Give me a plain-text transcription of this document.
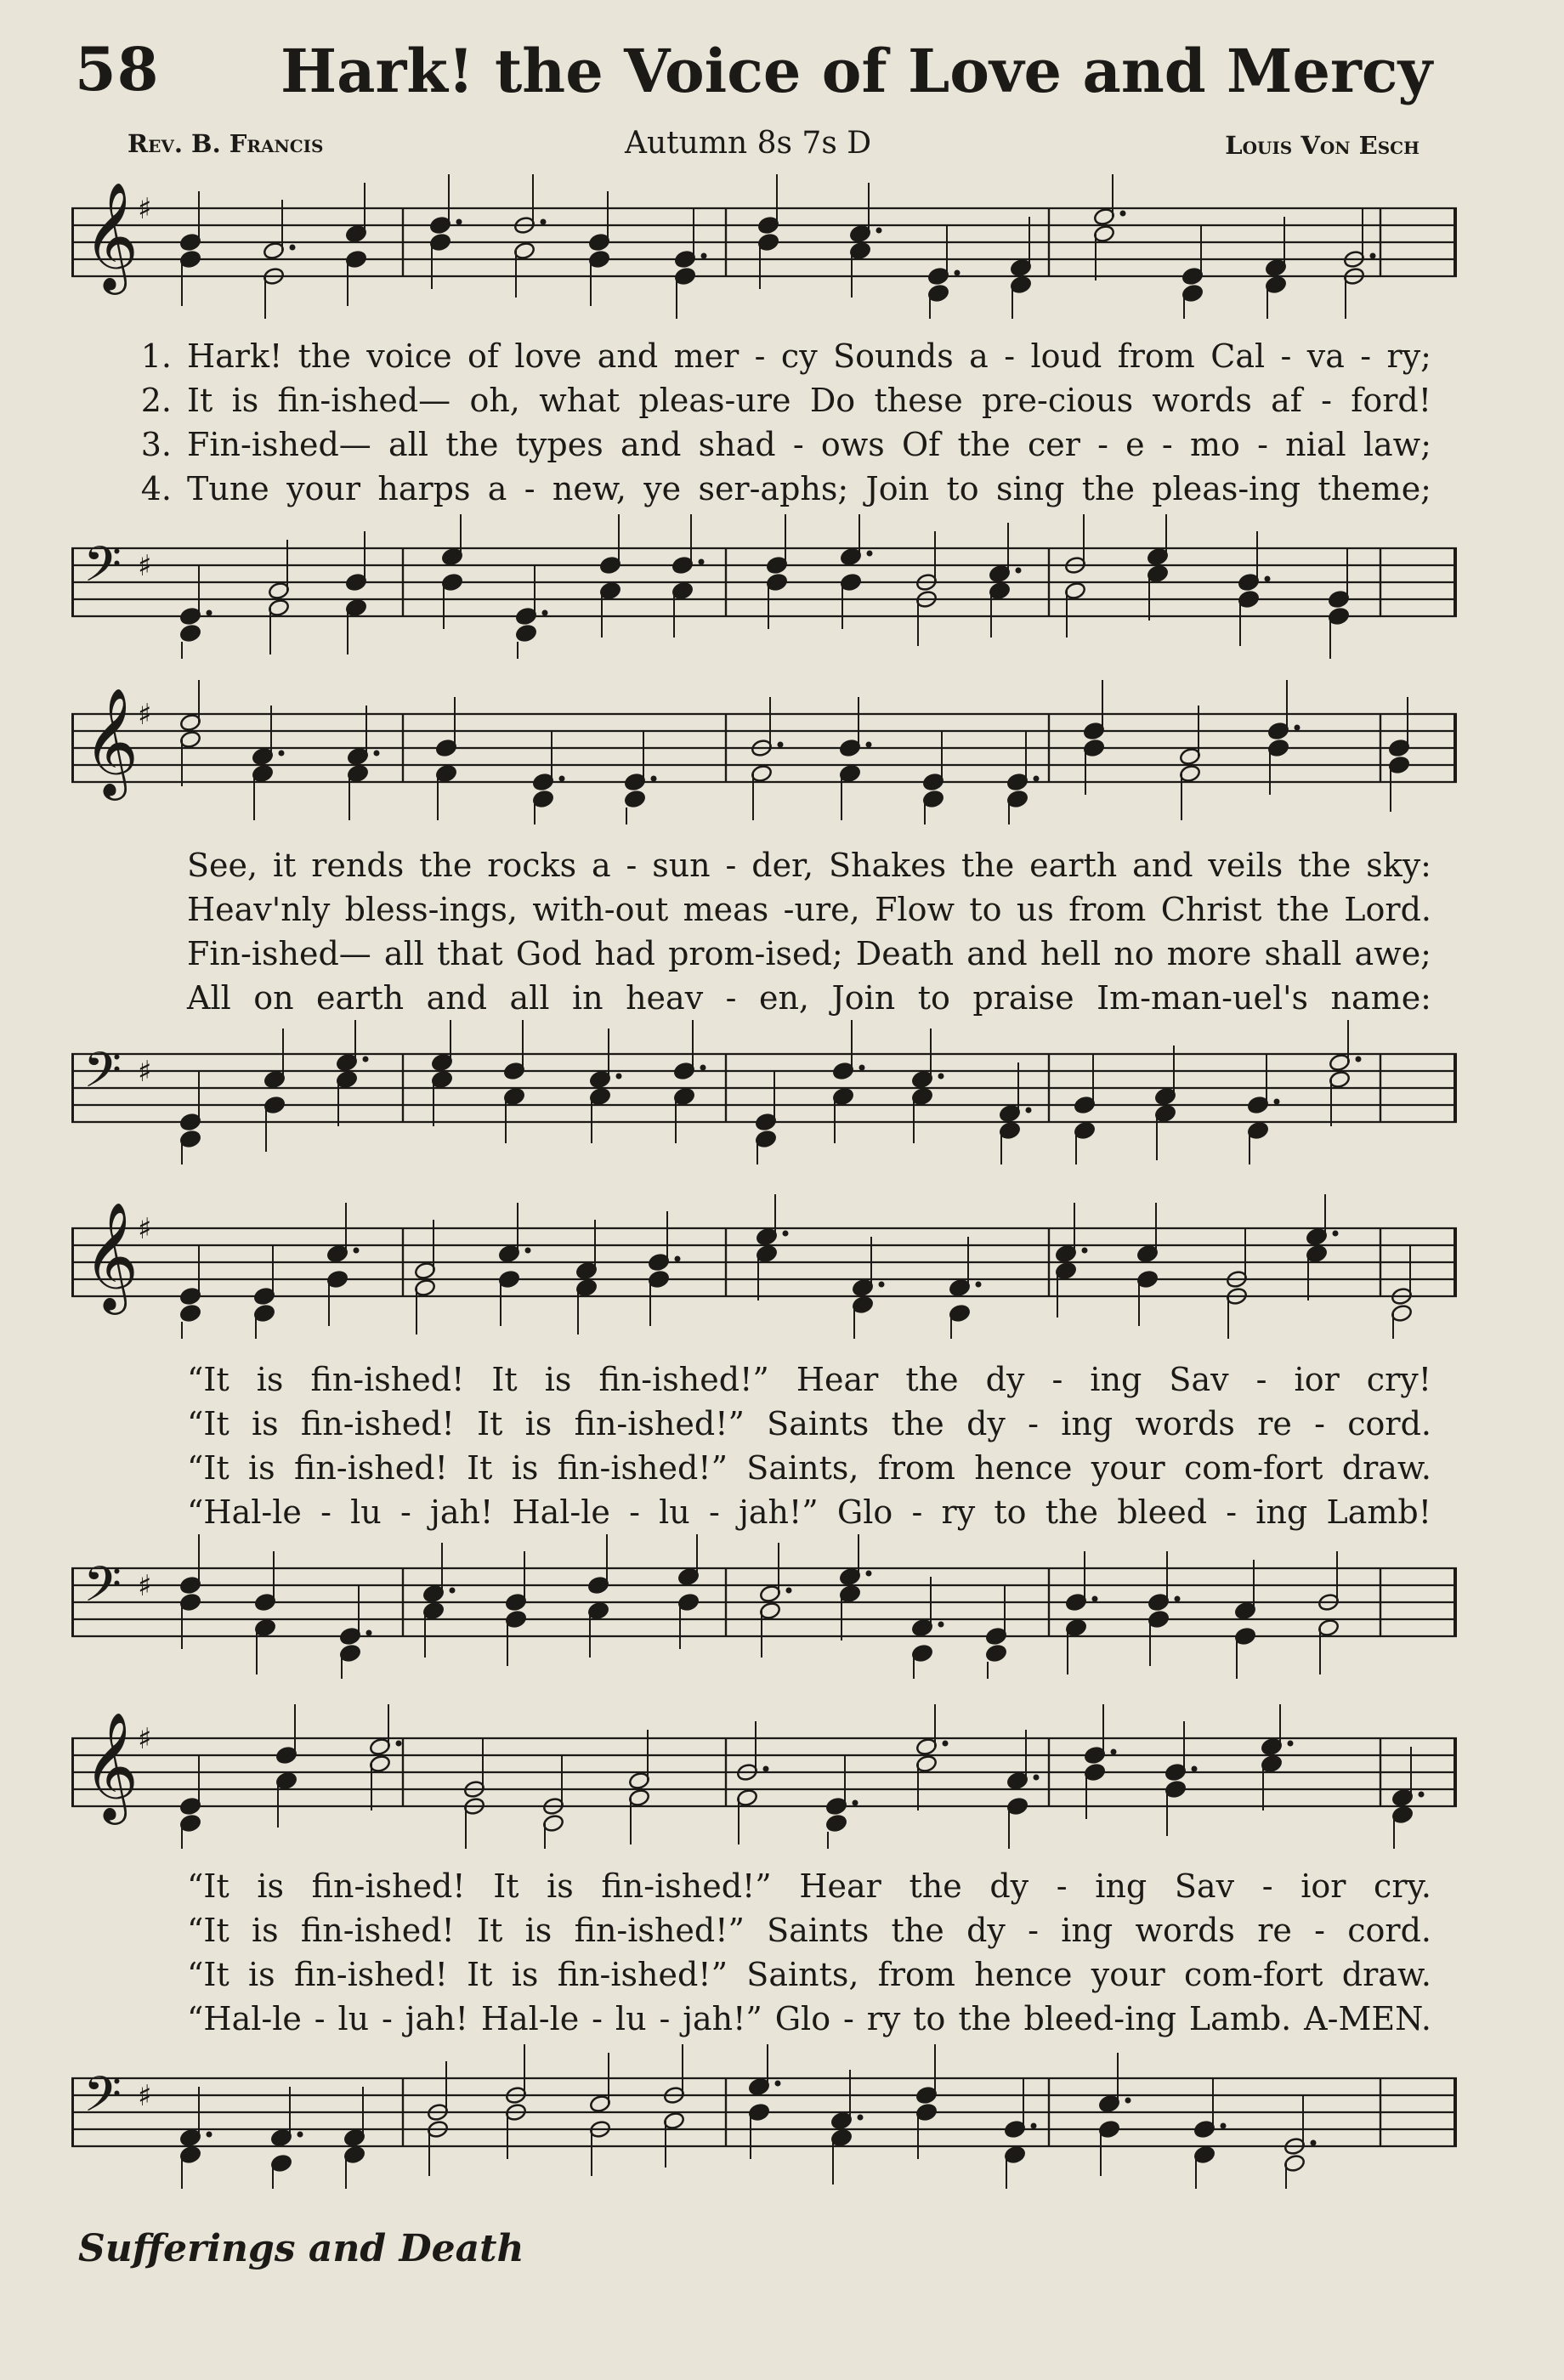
58 Hark! the Voice of Love and Mercy
Rev. B. Francis	Autumn 8s 7s D	Louis Von Esch
𝄞
♯
1. Hark! the voice of love and mer - cy Sounds a - loud from Cal - va - ry;
2. It is fin-ished— oh, what pleas-ure Do these pre-cious words af - ford!
3. Fin-ished— all the types and shad - ows Of the cer - e - mo - nial law;
4. Tune your harps a - new, ye ser-aphs; Join to sing the pleas-ing theme;
𝄢 ♯
𝄞
♯
See, it rends the rocks a - sun - der, Shakes the earth and veils the sky:
Heav'nly bless-ings, with-out meas -ure, Flow to us from Christ the Lord.
Fin-ished— all that God had prom-ised; Death and hell no more shall awe;
All on earth and all in heav - en, Join to praise Im-man-uel's name:
𝄢 ♯
𝄞
♯
“It is fin-ished! It is fin-ished!” Hear the dy - ing Sav - ior cry!
“It is fin-ished! It is fin-ished!” Saints the dy - ing words re - cord.
“It is fin-ished! It is fin-ished!” Saints, from hence your com-fort draw.
“Hal-le - lu - jah! Hal-le - lu - jah!” Glo - ry to the bleed - ing Lamb!
𝄢 ♯
𝄞
♯
“It is fin-ished! It is fin-ished!” Hear the dy - ing Sav - ior cry.
“It is fin-ished! It is fin-ished!” Saints the dy - ing words re - cord.
“It is fin-ished! It is fin-ished!” Saints, from hence your com-fort draw.
“Hal-le - lu - jah! Hal-le - lu - jah!” Glo - ry to the bleed-ing Lamb. A-MEN.
𝄢 ♯
Sufferings and Death
